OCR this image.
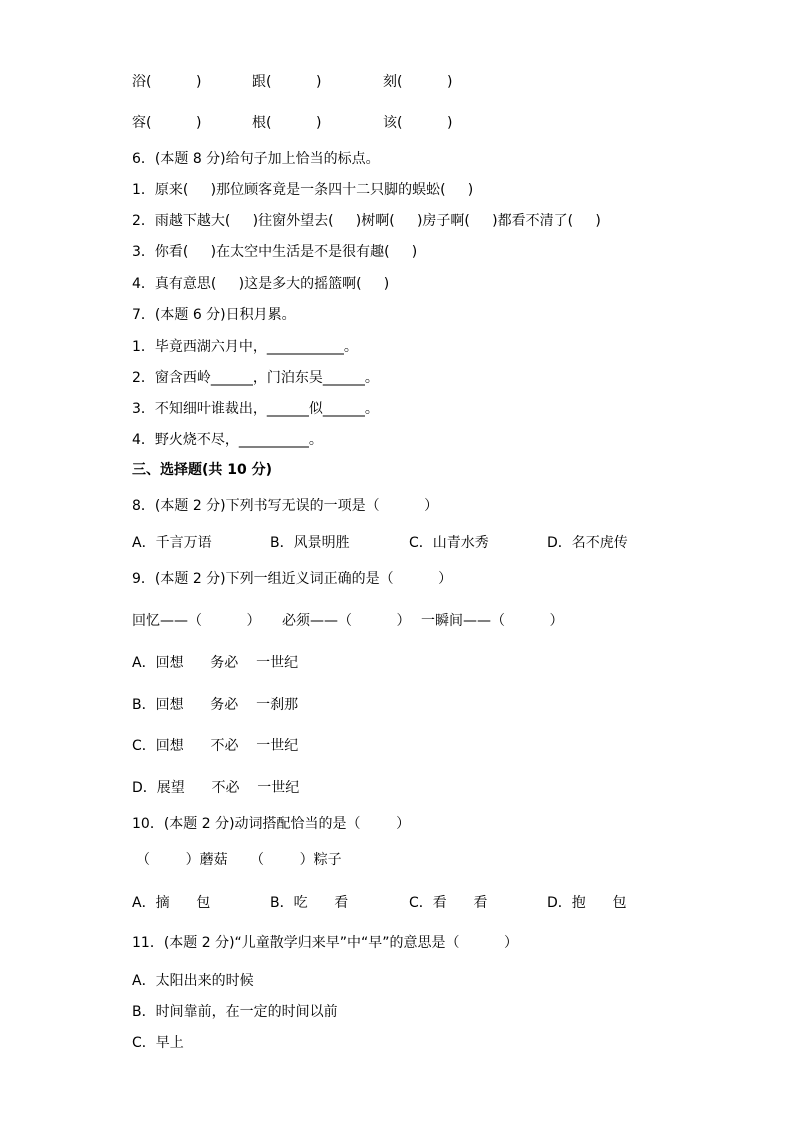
浴(          )	跟(          )	刻(          )
容(          )	根(          )	该(          )
6．(本题 8 分)给句子加上恰当的标点。
1．原来(     )那位顾客竟是一条四十二只脚的蜈蚣(     )
2．雨越下越大(     )往窗外望去(     )树啊(     )房子啊(     )都看不清了(     )
3．你看(     )在太空中生活是不是很有趣(     )
4．真有意思(     )这是多大的摇篮啊(     )
7．(本题 6 分)日积月累。
1．毕竟西湖六月中，___________。
2．窗含西岭______，门泊东吴______。
3．不知细叶谁裁出，______似______。
4．野火烧不尽，__________。
三、选择题(共 10 分)
8．(本题 2 分)下列书写无误的一项是（          ）
A．千言万语	B．风景明胜	C．山青水秀	D．名不虎传
9．(本题 2 分)下列一组近义词正确的是（          ）
回忆——（          ） 必须——（          ） 一瞬间——（          ）
A．回想      务必    一世纪
B．回想      务必    一刹那
C．回想      不必    一世纪
D．展望      不必    一世纪
10．(本题 2 分)动词搭配恰当的是（        ）
（        ）蘑菇 （        ）粽子
A．摘      包	B．吃      看	C．看      看	D．抱      包
11．(本题 2 分)“儿童散学归来早”中“早”的意思是（          ）
A．太阳出来的时候
B．时间靠前，在一定的时间以前
C．早上
